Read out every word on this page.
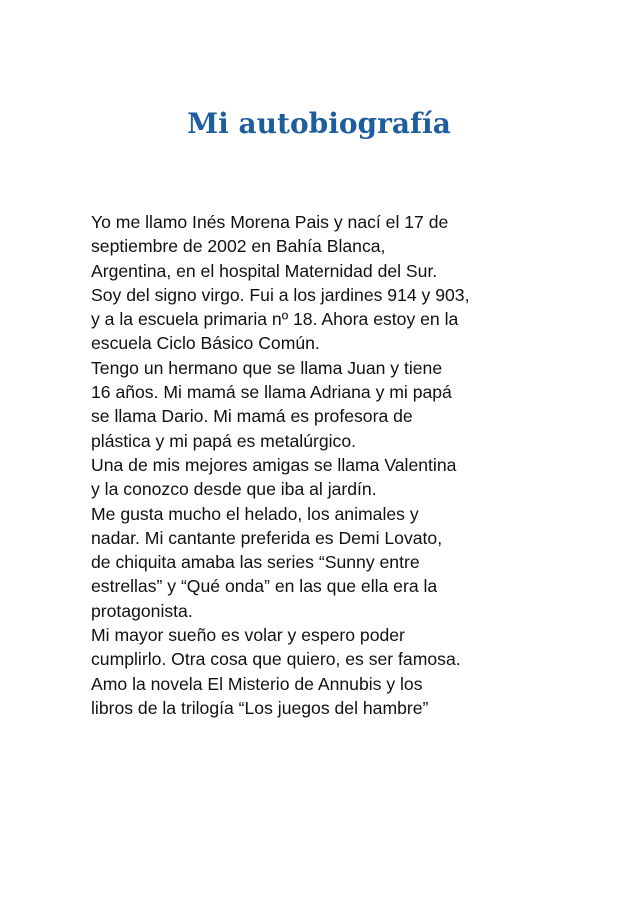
Mi autobiografía
Yo me llamo Inés Morena Pais y nací el 17 de
septiembre de 2002 en Bahía Blanca,
Argentina, en el hospital Maternidad del Sur.
Soy del signo virgo. Fui a los jardines 914 y 903,
y a la escuela primaria nº 18. Ahora estoy en la
escuela Ciclo Básico Común.
Tengo un hermano que se llama Juan y tiene
16 años. Mi mamá se llama Adriana y mi papá
se llama Dario. Mi mamá es profesora de
plástica y mi papá es metalúrgico.
Una de mis mejores amigas se llama Valentina
y la conozco desde que iba al jardín.
Me gusta mucho el helado, los animales y
nadar. Mi cantante preferida es Demi Lovato,
de chiquita amaba las series “Sunny entre
estrellas” y “Qué onda” en las que ella era la
protagonista.
Mi mayor sueño es volar y espero poder
cumplirlo. Otra cosa que quiero, es ser famosa.
Amo la novela El Misterio de Annubis y los
libros de la trilogía “Los juegos del hambre”
